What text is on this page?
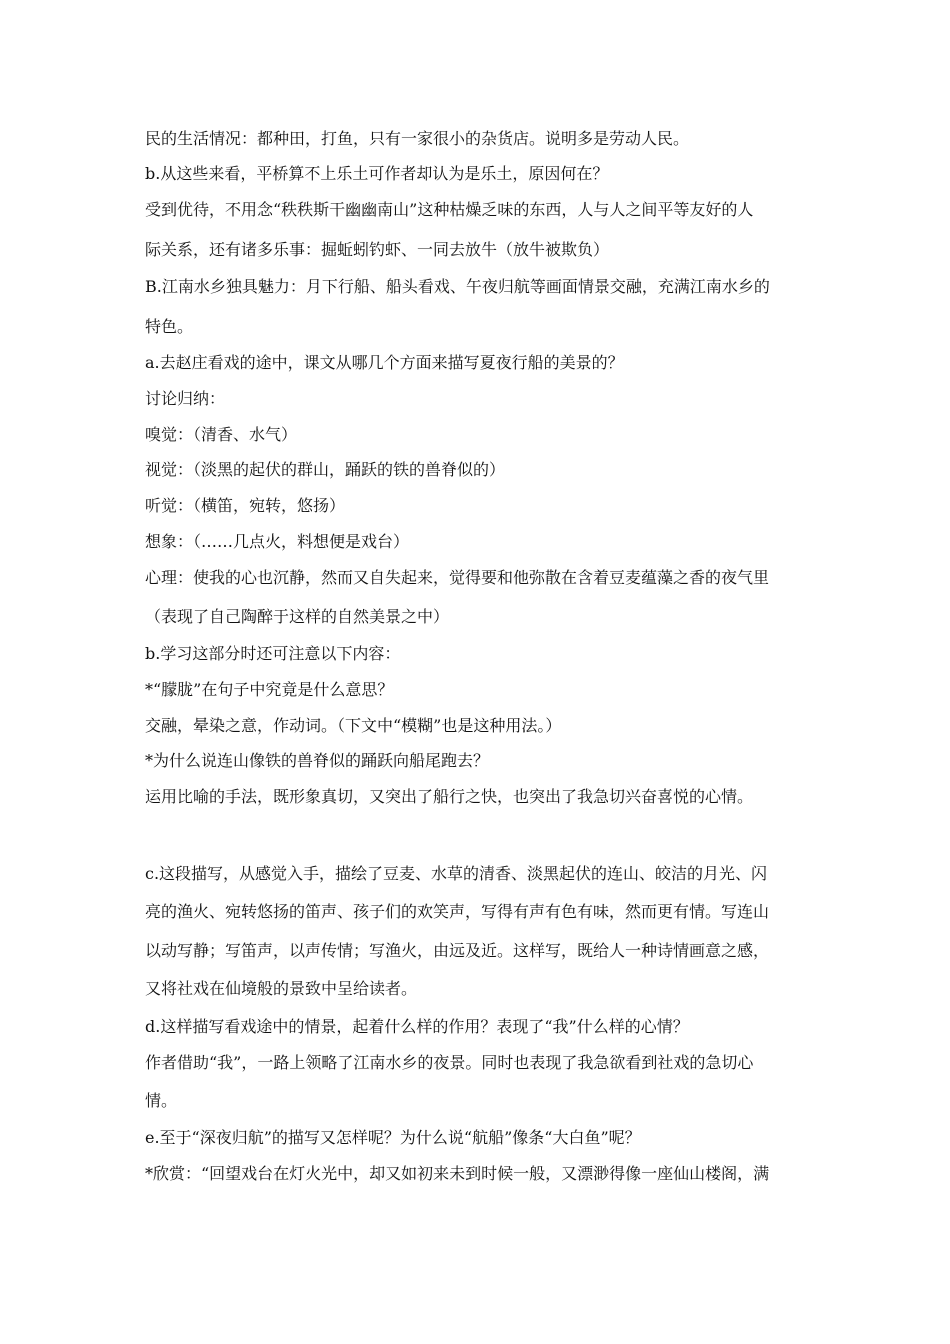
民的生活情况：都种田，打鱼，只有一家很小的杂货店。说明多是劳动人民。
b.从这些来看，平桥算不上乐土可作者却认为是乐土，原因何在？
受到优待，不用念“秩秩斯干幽幽南山”这种枯燥乏味的东西，人与人之间平等友好的人
际关系，还有诸多乐事：掘蚯蚓钓虾、一同去放牛（放牛被欺负）
B.江南水乡独具魅力：月下行船、船头看戏、午夜归航等画面情景交融，充满江南水乡的
特色。
a.去赵庄看戏的途中，课文从哪几个方面来描写夏夜行船的美景的？
讨论归纳：
嗅觉：（清香、水气）
视觉：（淡黑的起伏的群山，踊跃的铁的兽脊似的）
听觉：（横笛，宛转，悠扬）
想象：（……几点火，料想便是戏台）
心理：使我的心也沉静，然而又自失起来，觉得要和他弥散在含着豆麦蕴藻之香的夜气里
（表现了自己陶醉于这样的自然美景之中）
b.学习这部分时还可注意以下内容：
*“朦胧”在句子中究竟是什么意思？
交融，晕染之意，作动词。（下文中“模糊”也是这种用法。）
*为什么说连山像铁的兽脊似的踊跃向船尾跑去？
运用比喻的手法，既形象真切，又突出了船行之快，也突出了我急切兴奋喜悦的心情。
c.这段描写，从感觉入手，描绘了豆麦、水草的清香、淡黑起伏的连山、皎洁的月光、闪
亮的渔火、宛转悠扬的笛声、孩子们的欢笑声，写得有声有色有味，然而更有情。写连山
以动写静；写笛声，以声传情；写渔火，由远及近。这样写，既给人一种诗情画意之感，
又将社戏在仙境般的景致中呈给读者。
d.这样描写看戏途中的情景，起着什么样的作用？表现了“我”什么样的心情？
作者借助“我”，一路上领略了江南水乡的夜景。同时也表现了我急欲看到社戏的急切心
情。
e.至于“深夜归航”的描写又怎样呢？为什么说“航船”像条“大白鱼”呢？
*欣赏：“回望戏台在灯火光中，却又如初来未到时候一般，又漂渺得像一座仙山楼阁，满
